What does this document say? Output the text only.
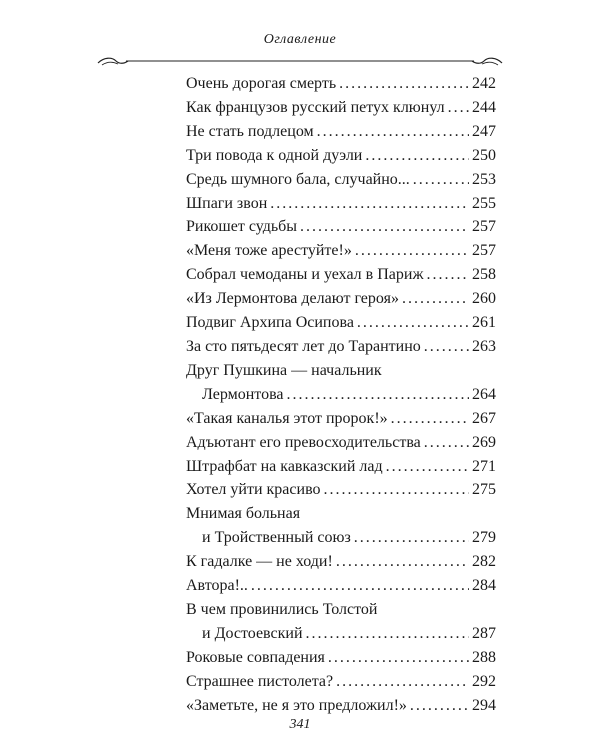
Оглавление
Очень дорогая смерть . . .	242
Как французов русский петух клюнул . . . 244
Не стать подлецом . . .	247
Три повода к одной дуэли . . .	250
Средь шумного бала, случайно... . . .	253
Шпаги звон . . .	255
Рикошет судьбы . . .	257
«Меня тоже арестуйте!» . . .	257
Собрал чемоданы и уехал в Париж . . .	258
«Из Лермонтова делают героя» . . .	260
Подвиг Архипа Осипова . . .	261
За сто пятьдесят лет до Тарантино . . .	263
Друг Пушкина — начальник
Лермонтова . . .	264
«Такая каналья этот пророк!» . . .	267
Адъютант его превосходительства . . .	269
Штрафбат на кавказский лад . . .	271
Хотел уйти красиво . . .	275
Мнимая больная
и Тройственный союз . . .	279
К гадалке — не ходи! . . .	282
Автора!.. . . .	284
В чем провинились Толстой
и Достоевский . . .	287
Роковые совпадения . . .	288
Страшнее пистолета? . . .	292
«Заметьте, не я это предложил!» . . .	294
341
